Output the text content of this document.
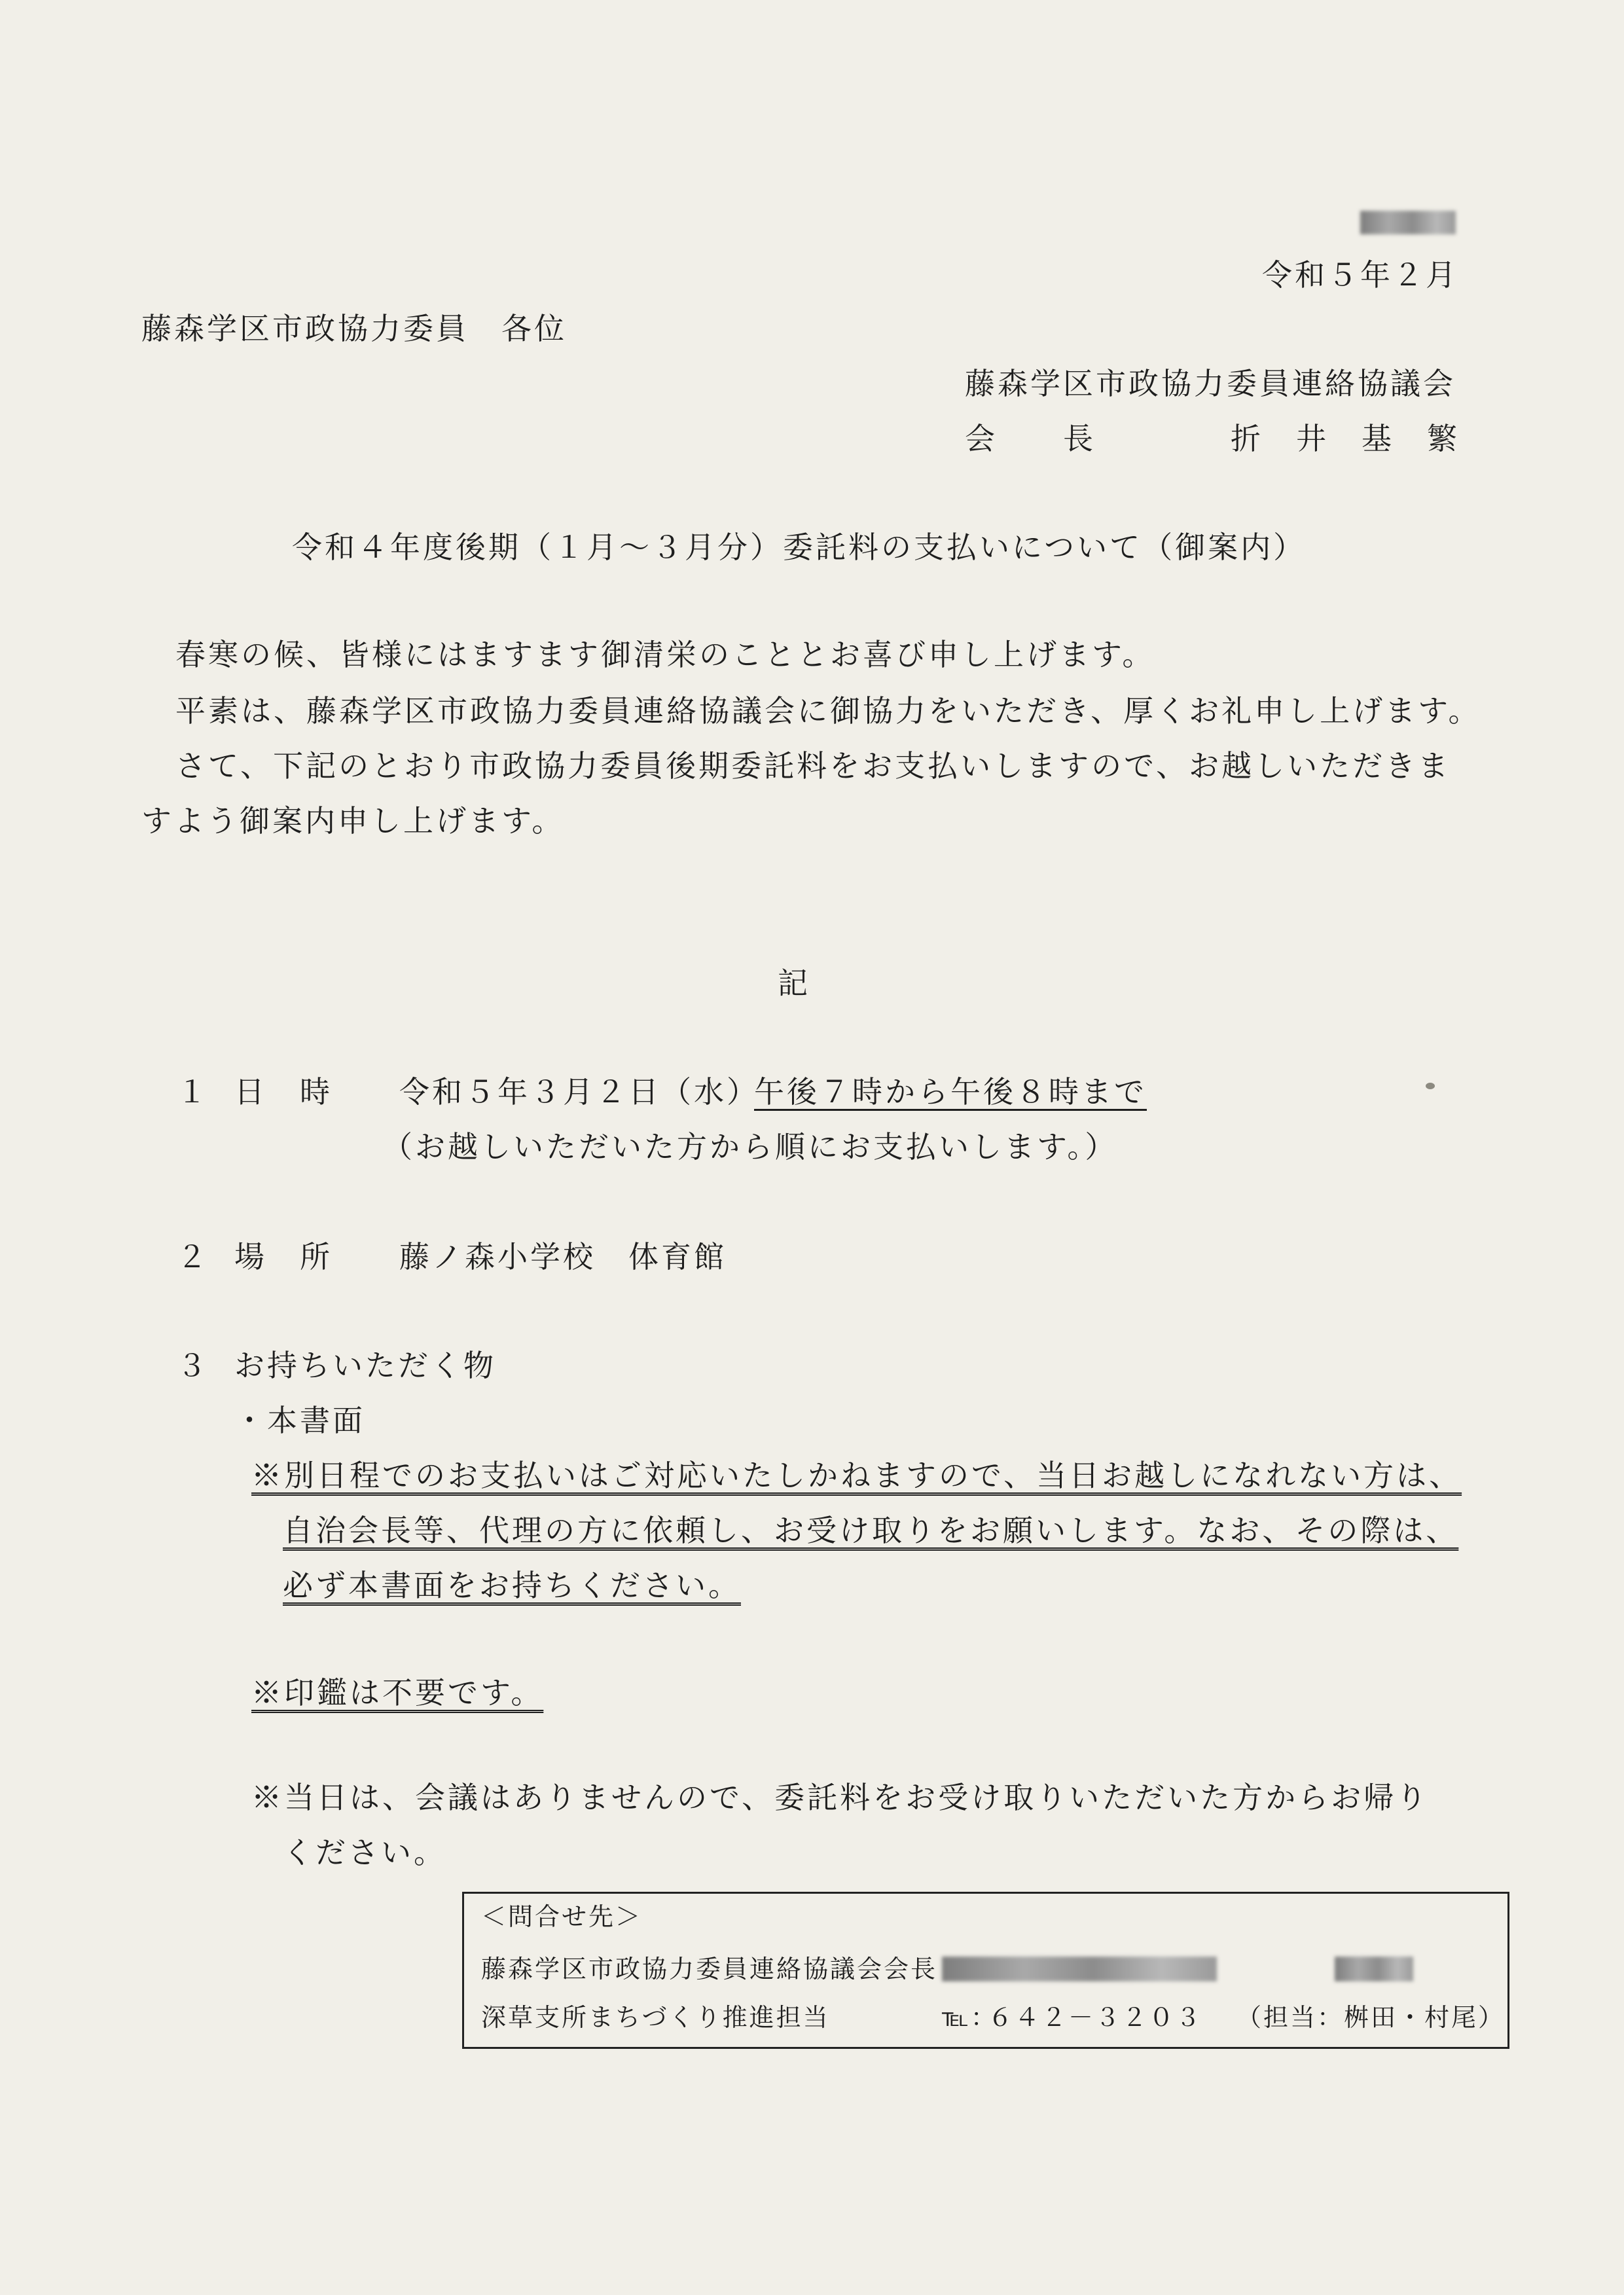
令和５年２月
藤森学区市政協力委員　各位
藤森学区市政協力委員連絡協議会
会　　長	折　井　基　繁
令和４年度後期（１月～３月分）委託料の支払いについて（御案内）
春寒の候、皆様にはますます御清栄のこととお喜び申し上げます。
平素は、藤森学区市政協力委員連絡協議会に御協力をいただき、厚くお礼申し上げます。
さて、下記のとおり市政協力委員後期委託料をお支払いしますので、お越しいただきま
すよう御案内申し上げます。
記
１ 日　時 令和５年３月２日（水）
午後７時から午後８時まで
（お越しいただいた方から順にお支払いします。）
２ 場　所 藤ノ森小学校　体育館
３ お持ちいただく物
・本書面
※別日程でのお支払いはご対応いたしかねますので、当日お越しになれない方は、
自治会長等、代理の方に依頼し、お受け取りをお願いします。なお、その際は、
必ず本書面をお持ちください。
※印鑑は不要です。
※当日は、会議はありませんので、委託料をお受け取りいただいた方からお帰り
ください。
＜問合せ先＞
藤森学区市政協力委員連絡協議会会長
深草支所まちづくり推進担当	℡：
６４２－３２０３ （担当：桝田・村尾）
